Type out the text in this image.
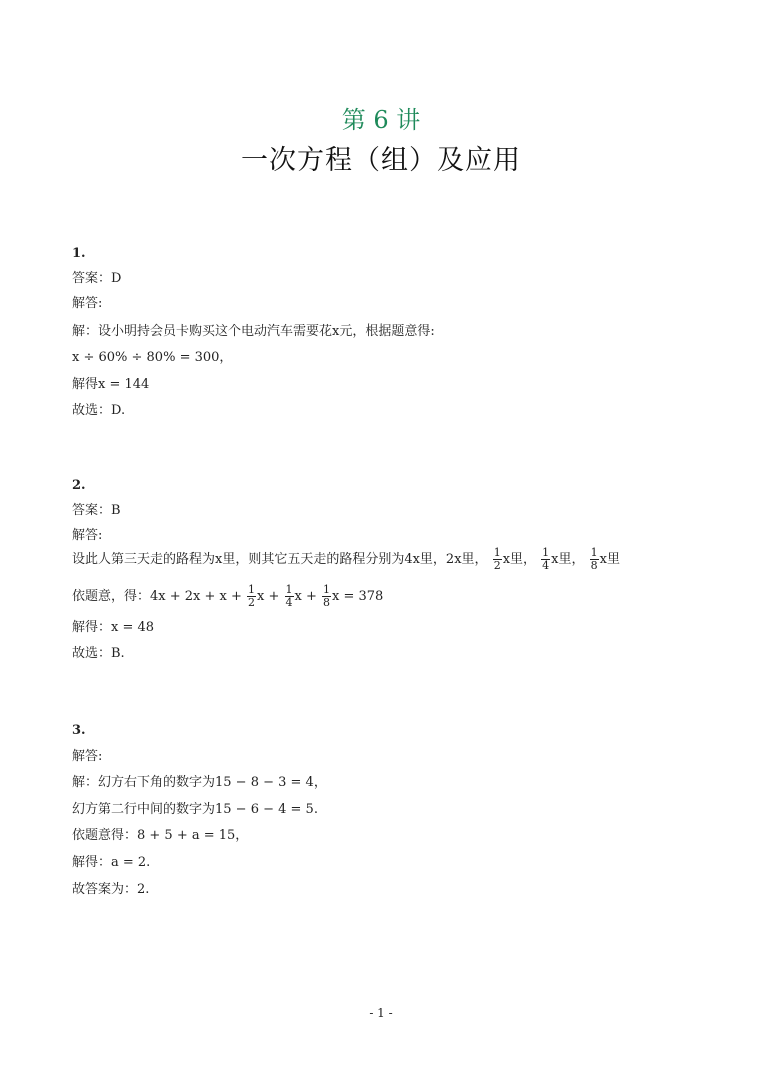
第 6 讲
一次方程（组）及应用
1.
答案：D
解答:
解：设小明持会员卡购买这个电动汽车需要花x元，根据题意得:
x ÷ 60% ÷ 80% = 300，
解得x = 144
故选：D.
2.
答案：B
解答:
设此人第三天走的路程为x里，则其它五天走的路程分别为4x里，2x里， $\frac{1}{2}$ x里， $\frac{1}{4}$ x里， $\frac{1}{8}$ x里
依题意，得：$4x + 2x + x + \frac{1}{2}$ $x + \frac{1}{4}$ $x + \frac{1}{8}$ x = 378
解得：x = 48
故选：B.
3.
解答:
解：幻方右下角的数字为15 − 8 − 3 = 4，
幻方第二行中间的数字为15 − 6 − 4 = 5.
依题意得：8 + 5 + a = 15，
解得：a = 2.
故答案为：2.
- 1 -
